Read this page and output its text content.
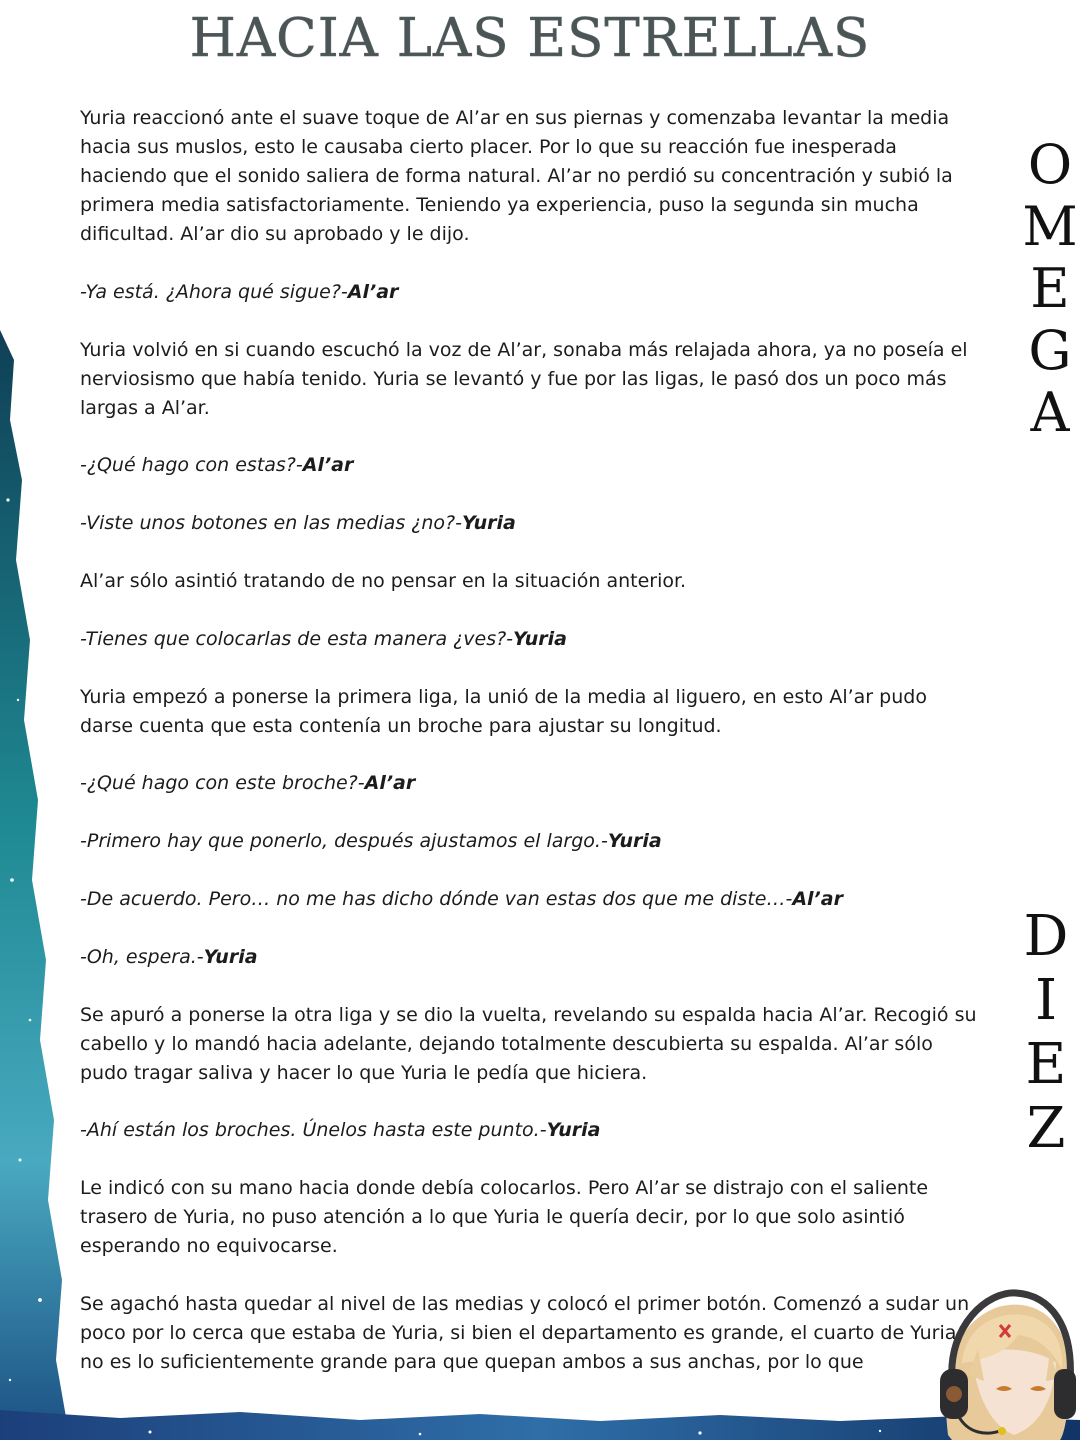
HACIA LAS ESTRELLAS

Yuria reaccionó ante el suave toque de Al’ar en sus piernas y comenzaba levantar la media hacia sus muslos, esto le causaba cierto placer. Por lo que su reacción fue inesperada haciendo que el sonido saliera de forma natural. Al’ar no perdió su concentración y subió la primera media satisfactoriamente. Teniendo ya experiencia, puso la segunda sin mucha dificultad. Al’ar dio su aprobado y le dijo.

-Ya está. ¿Ahora qué sigue?-Al’ar

Yuria volvió en si cuando escuchó la voz de Al’ar, sonaba más relajada ahora, ya no poseía el nerviosismo que había tenido. Yuria se levantó y fue por las ligas, le pasó dos un poco más largas a Al’ar.

-¿Qué hago con estas?-Al’ar

-Viste unos botones en las medias ¿no?-Yuria

Al’ar sólo asintió tratando de no pensar en la situación anterior.

-Tienes que colocarlas de esta manera ¿ves?-Yuria

Yuria empezó a ponerse la primera liga, la unió de la media al liguero, en esto Al’ar pudo darse cuenta que esta contenía un broche para ajustar su longitud.

-¿Qué hago con este broche?-Al’ar

-Primero hay que ponerlo, después ajustamos el largo.-Yuria

-De acuerdo. Pero… no me has dicho dónde van estas dos que me diste…-Al’ar

-Oh, espera.-Yuria

Se apuró a ponerse la otra liga y se dio la vuelta, revelando su espalda hacia Al’ar. Recogió su cabello y lo mandó hacia adelante, dejando totalmente descubierta su espalda. Al’ar sólo pudo tragar saliva y hacer lo que Yuria le pedía que hiciera.

-Ahí están los broches. Únelos hasta este punto.-Yuria

Le indicó con su mano hacia donde debía colocarlos. Pero Al’ar se distrajo con el saliente trasero de Yuria, no puso atención a lo que Yuria le quería decir, por lo que solo asintió esperando no equivocarse.

Se agachó hasta quedar al nivel de las medias y colocó el primer botón. Comenzó a sudar un poco por lo cerca que estaba de Yuria, si bien el departamento es grande, el cuarto de Yuria no es lo suficientemente grande para que quepan ambos a sus anchas, por lo que

O
M
E
G
A
D
I
E
Z
